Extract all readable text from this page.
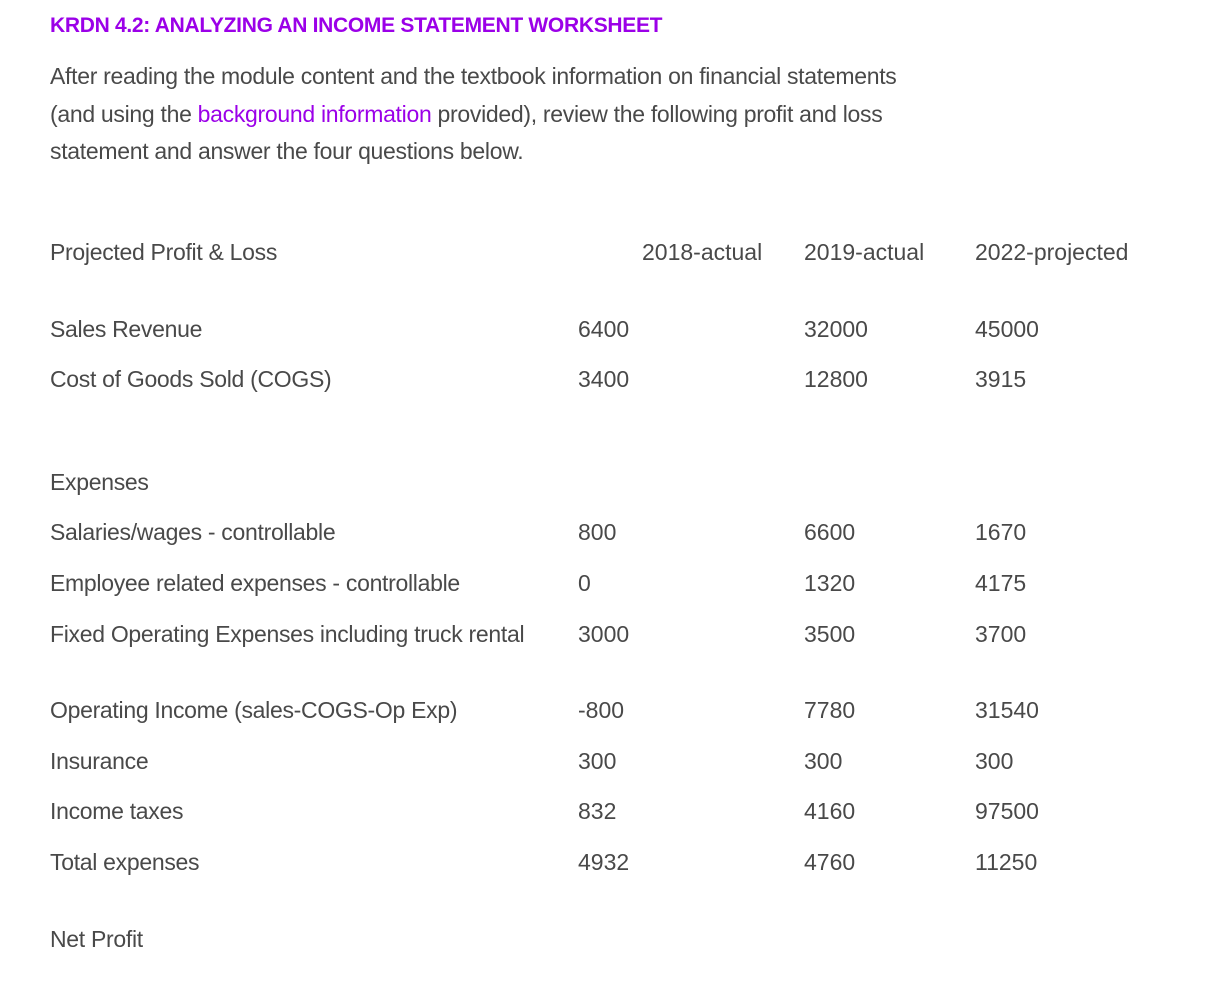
KRDN 4.2: ANALYZING AN INCOME STATEMENT WORKSHEET

After reading the module content and the textbook information on financial statements
(and using the background information provided), review the following profit and loss
statement and answer the four questions below.

Projected Profit & Loss	2018-actual 2019-actual 2022-projected
Sales Revenue	6400	32000	45000
Cost of Goods Sold (COGS)	3400	12800	3915
Expenses
Salaries/wages - controllable	800	6600	1670
Employee related expenses - controllable	0	1320	4175
Fixed Operating Expenses including truck rental 3000	3500	3700
Operating Income (sales-COGS-Op Exp)	-800	7780	31540
Insurance	300	300	300
Income taxes	832	4160	97500
Total expenses	4932	4760	11250
Net Profit
